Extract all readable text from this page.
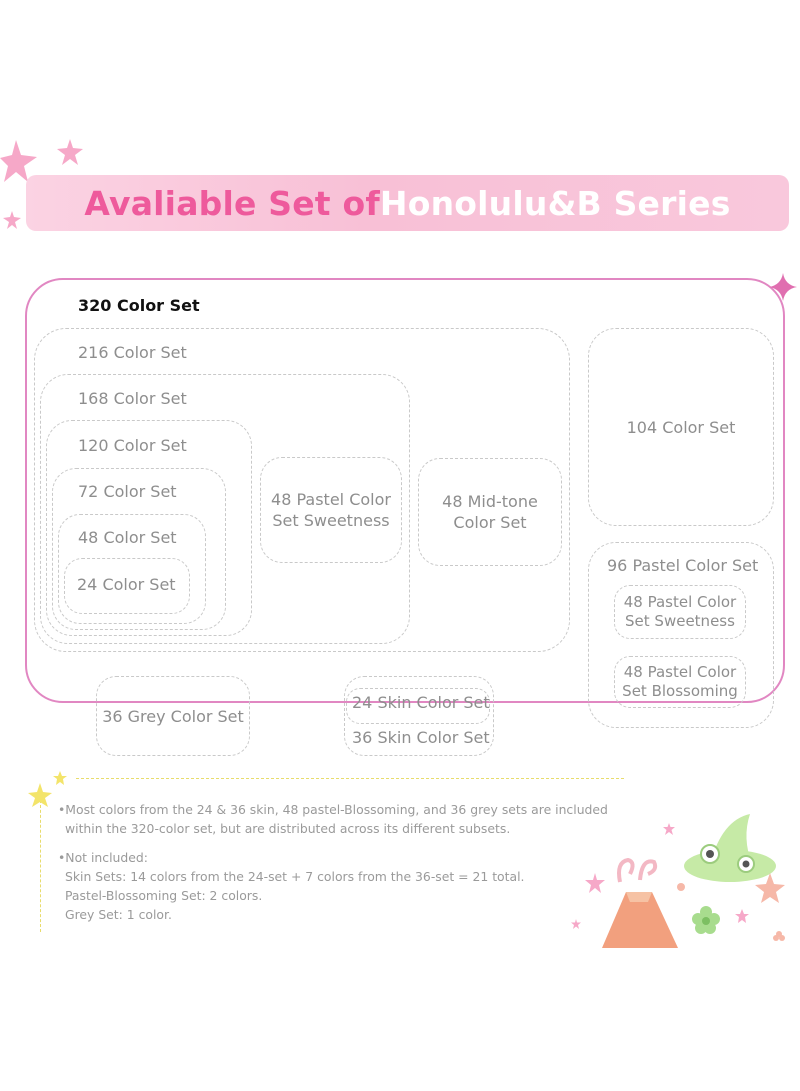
Avaliable Set of Honolulu&B Series
320 Color Set
216 Color Set
168 Color Set
120 Color Set
72 Color Set
48 Color Set
24 Color Set
48 Pastel Color
Set Sweetness
48 Mid-tone
Color Set
104 Color Set
96 Pastel Color Set
48 Pastel Color
Set Sweetness
48 Pastel Color
Set Blossoming
36 Grey Color Set
24 Skin Color Set
36 Skin Color Set
•Most colors from the 24 & 36 skin, 48 pastel-Blossoming, and 36 grey sets are included
within the 320-color set, but are distributed across its different subsets.
•Not included:
Skin Sets: 14 colors from the 24-set + 7 colors from the 36-set = 21 total.
Pastel-Blossoming Set: 2 colors.
Grey Set: 1 color.
